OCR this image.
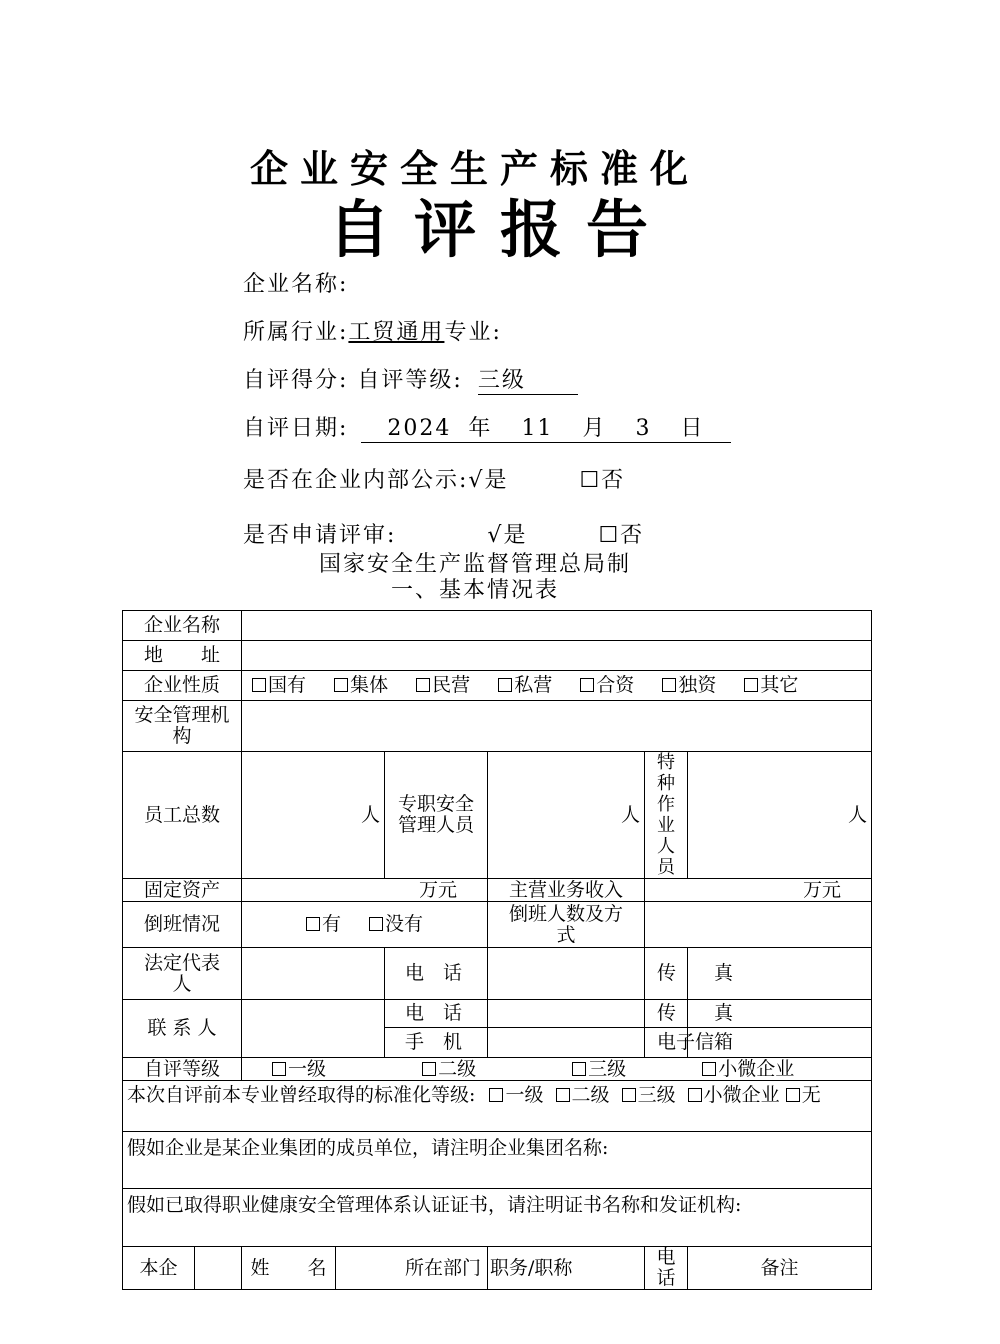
企业安全生产标准化
自评报告
企业名称:
所属行业:工贸通用专业:
自评得分: 自评等级: 三级
自评日期: 2024 年 11 月 3 日
是否在企业内部公示:√是	☐否
是否申请评审:	√是	☐否
国家安全生产监督管理总局制
一、基本情况表
企业名称							
地　　址							
企业性质		国有 集体 民营 私营 合资 独资 其它					
安全管理机构							
员工总数		人		专职安全管理人员	人	特种作业人　　员	人
固定资产		万元			主营业务收入	万元	
倒班情况		有 没有			倒班人数及方 式		
法定代表人				电　话		传　　真	
联 系 人				电　话		传　　真	
				手　机		电子信箱	
自评等级		一级 二级 三级 小微企业					
本次自评前本专业曾经取得的标准化等级: 一级 二级 三级 小微企业 无							
假如企业是某企业集团的成员单位，请注明企业集团名称:							
假如已取得职业健康安全管理体系认证证书，请注明证书名称和发证机构:							
本企		姓　　名	所在部门		职务/职称	电话	备注
